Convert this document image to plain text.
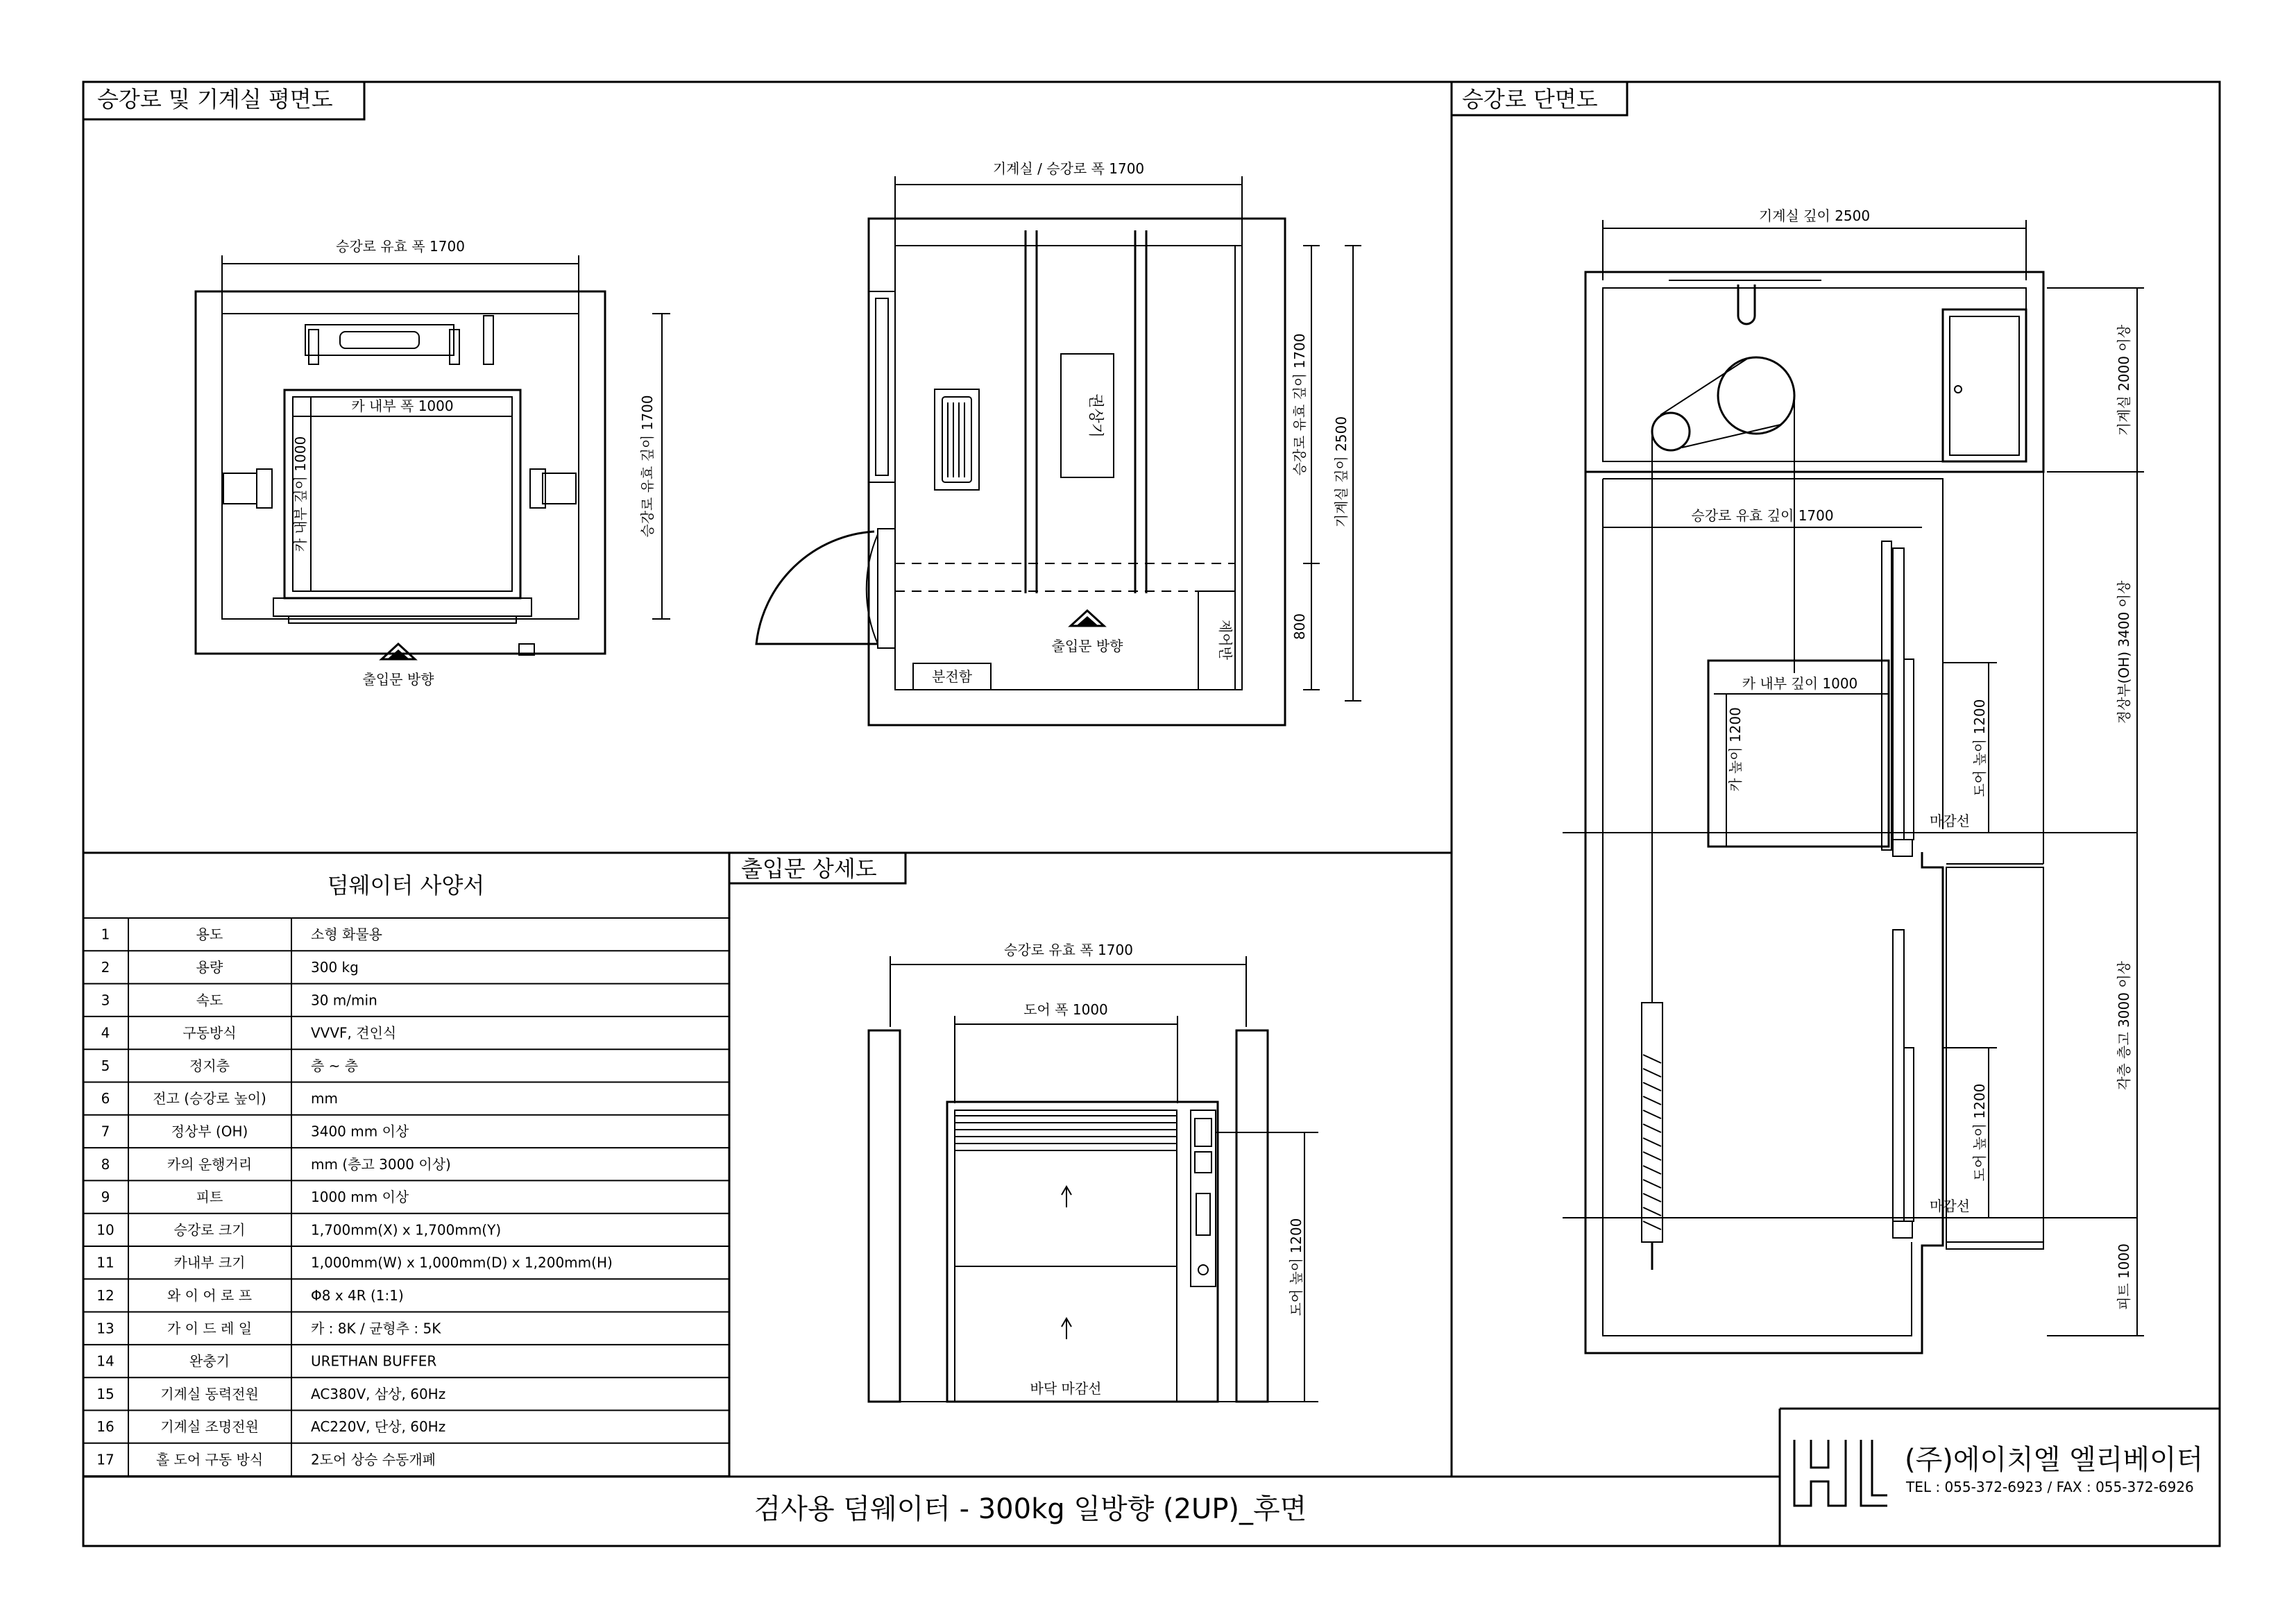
승강로 및 기계실 평면도	승강로 단면도
출입문 상세도
승강로 유효 폭 1700
카 내부 폭 1000
카 내부 깊이 1000	승강로 유효 깊이 1700
출입문 방향
권상기
분전함
제어반
출입문 방향
기계실 / 승강로 폭 1700
승강로 유효 깊이 1700
800
기계실 깊이 2500
기계실 깊이 2500
기계실 2000 이상
정상부(OH) 3400 이상
각층 층고 3000 이상
피트 1000
승강로 유효 깊이 1700
카 내부 깊이 1000
카 높이 1200	도어 높이 1200
마감선
도어 높이 1200
마감선
덤웨이터 사양서
1	용도	소형 화물용
2	용량	300 kg
3	속도	30 m/min
4	구동방식	VVVF, 견인식
5	정지층	층 ~ 층
6	전고 (승강로 높이)	mm
7	정상부 (OH)	3400 mm 이상
8	카의 운행거리	mm (층고 3000 이상)
9	피트	1000 mm 이상
10	승강로 크기	1,700mm(X) x 1,700mm(Y)
11	카내부 크기	1,000mm(W) x 1,000mm(D) x 1,200mm(H)
12	와 이 어 로 프	Φ8 x 4R (1:1)
13	가 이 드 레 일	카 : 8K / 균형추 : 5K
14	완충기	URETHAN BUFFER
15	기계실 동력전원	AC380V, 삼상, 60Hz
16	기계실 조명전원	AC220V, 단상, 60Hz
17	홀 도어 구동 방식	2도어 상승 수동개폐
승강로 유효 폭 1700
도어 폭 1000
도어 높이 1200
바닥 마감선
검사용 덤웨이터 - 300kg 일방향 (2UP)_후면	HL
(주)에이치엘 엘리베이터
TEL : 055-372-6923 / FAX : 055-372-6926
